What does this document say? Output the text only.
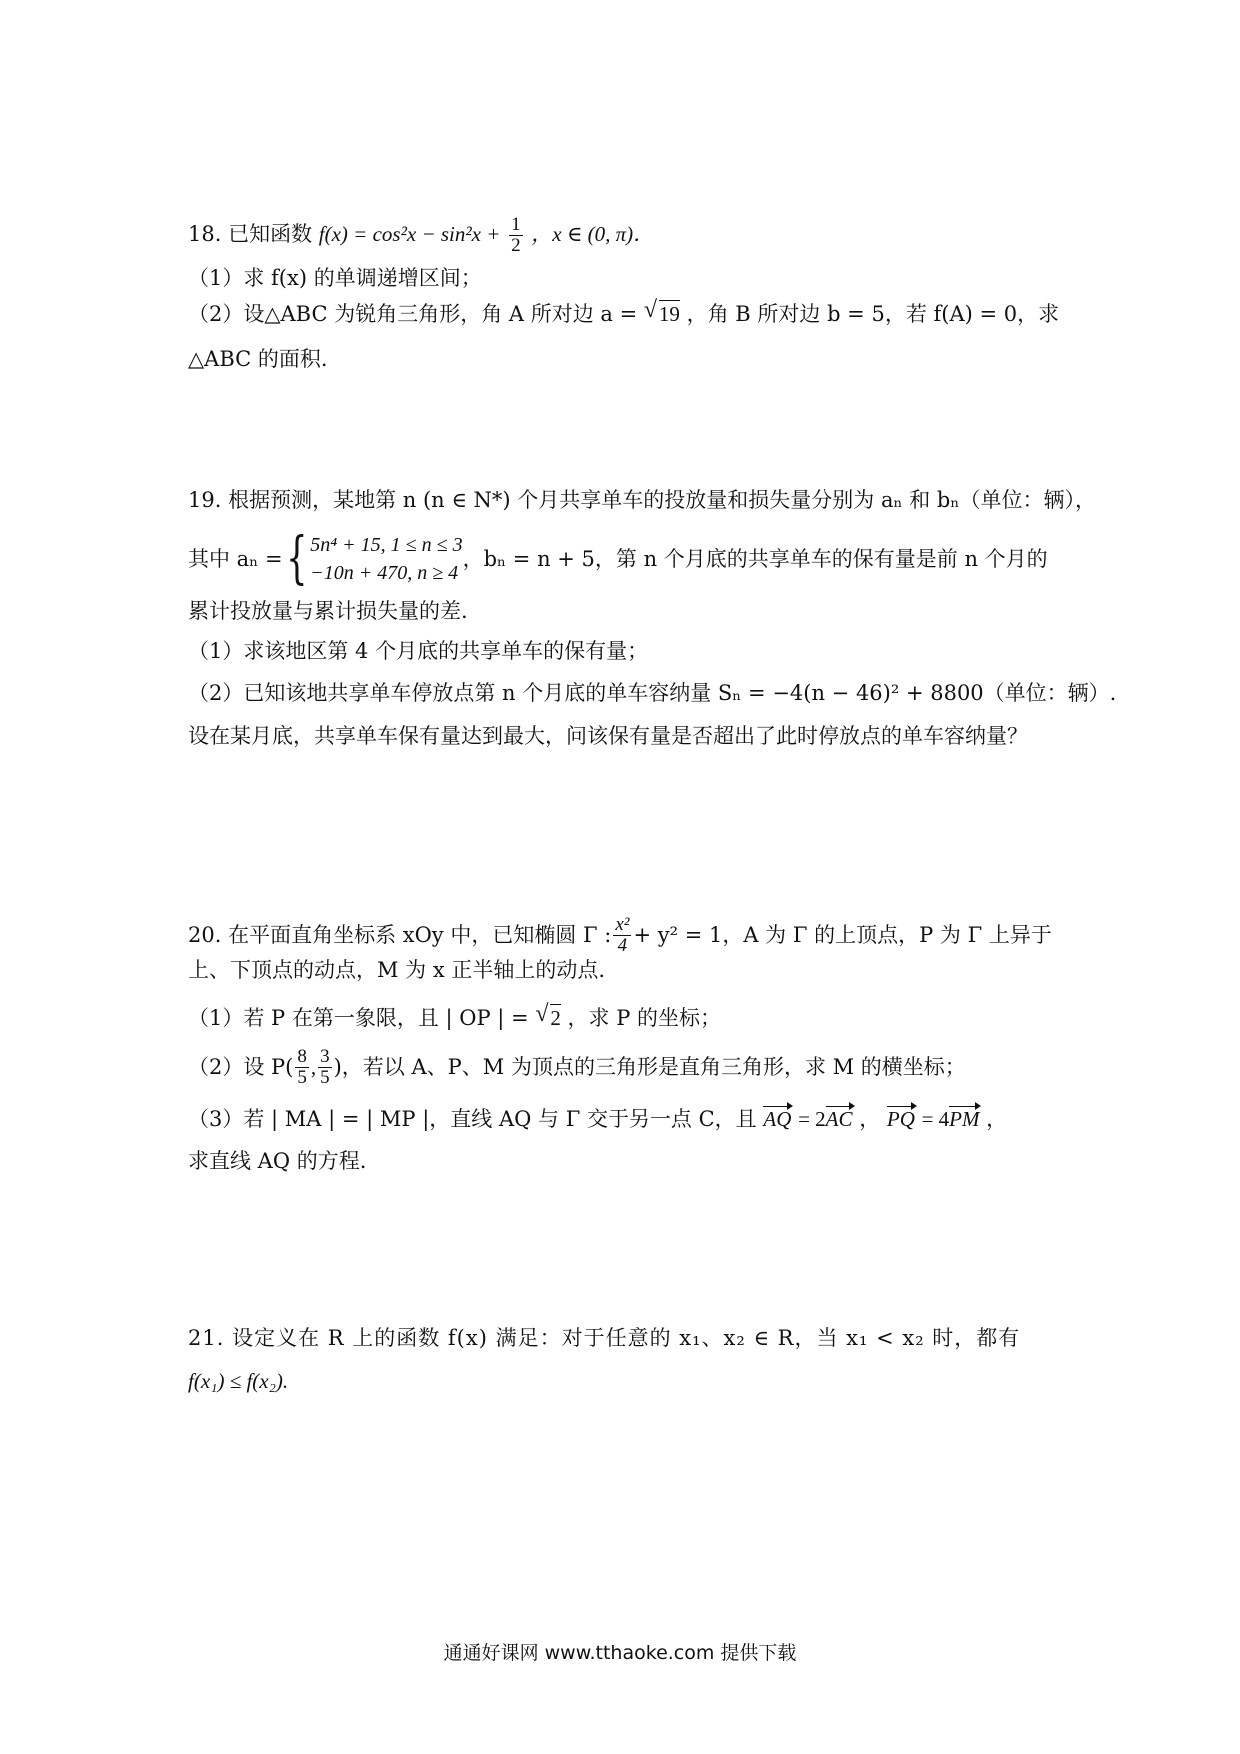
18. 已知函数 $f(x) = \cos^2x - \sin^2x + \frac{1}{2}$ ，x ∈ (0, π)．
（1）求 f(x) 的单调递增区间；
（2）设△ABC 为锐角三角形，角 A 所对边 a = √ 19 ，角 B 所对边 b = 5，若 f(A) = 0，求
△ABC 的面积.
19. 根据预测，某地第 n (n ∈ N*) 个月共享单车的投放量和损失量分别为 aₙ 和 bₙ（单位：辆），
其中 aₙ = { 5n⁴ + 15, 1 ≤ n ≤ 3
−10n + 470, n ≥ 4
，bₙ = n + 5，第 n 个月底的共享单车的保有量是前 n 个月的
累计投放量与累计损失量的差.
（1）求该地区第 4 个月底的共享单车的保有量；
（2）已知该地共享单车停放点第 n 个月底的单车容纳量 Sₙ = −4(n − 46)² + 8800（单位：辆）.
设在某月底，共享单车保有量达到最大，问该保有量是否超出了此时停放点的单车容纳量？
20. 在平面直角坐标系 xOy 中，已知椭圆 Γ : $\frac{\text{x²}}{4} + y^2 = 1$，A 为 Γ 的上顶点，P 为 Γ 上异于
上、下顶点的动点，M 为 x 正半轴上的动点.
（1）若 P 在第一象限，且 | OP | = √ 2 ，求 P 的坐标；
（2）设 $P( \frac{8}{5}$ , $\frac{3}{5}$ )，若以 A、P、M 为顶点的三角形是直角三角形，求 M 的横坐标；
（3）若 | MA | = | MP |，直线 AQ 与 Γ 交于另一点 C，且 AQ = 2AC ， PQ = 4PM ，
求直线 AQ 的方程.
21. 设定义在 R 上的函数 f(x) 满足：对于任意的 x₁、x₂ ∈ R，当 x₁ < x₂ 时，都有
f(x₁) ≤ f(x₂).
通通好课网 www.tthaoke.com 提供下载
